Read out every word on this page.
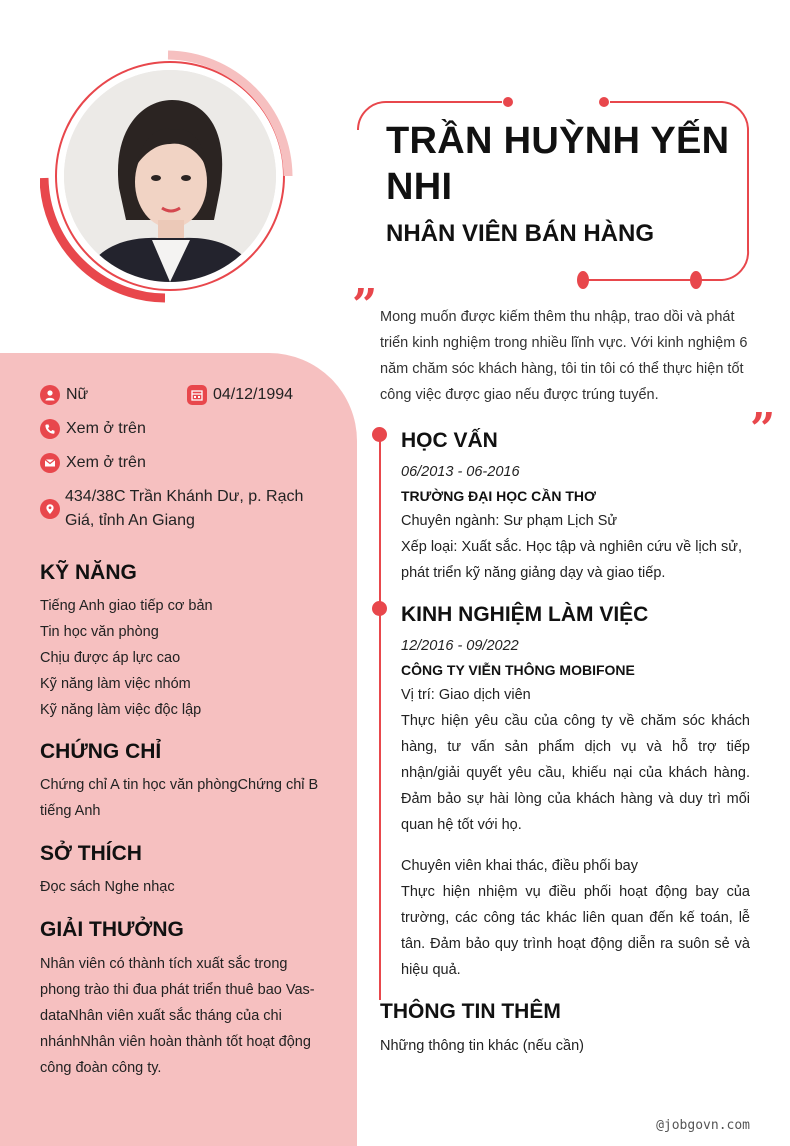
TRẦN HUỲNH YẾN NHI
NHÂN VIÊN BÁN HÀNG
” Mong muốn được kiếm thêm thu nhập, trao dồi và phát triển kinh nghiệm trong nhiều lĩnh vực. Với kinh nghiệm 6 năm chăm sóc khách hàng, tôi tin tôi có thể thực hiện tốt công việc được giao nếu được trúng tuyển.
”
Nữ	04/12/1994
Xem ở trên
Xem ở trên
434/38C Trần Khánh Dư, p. Rạch Giá, tỉnh An Giang
KỸ NĂNG
Tiếng Anh giao tiếp cơ bản
Tin học văn phòng
Chịu được áp lực cao
Kỹ năng làm việc nhóm
Kỹ năng làm việc độc lập
CHỨNG CHỈ
Chứng chỉ A tin học văn phòngChứng chỉ B tiếng Anh
SỞ THÍCH
Đọc sách Nghe nhạc
GIẢI THƯỞNG
Nhân viên có thành tích xuất sắc trong phong trào thi đua phát triển thuê bao Vas-dataNhân viên xuất sắc tháng của chi nhánhNhân viên hoàn thành tốt hoạt động công đoàn công ty.
HỌC VẤN
06/2013 - 06-2016
TRƯỜNG ĐẠI HỌC CẦN THƠ
Chuyên ngành: Sư phạm Lịch Sử
Xếp loại: Xuất sắc. Học tập và nghiên cứu về lịch sử, phát triển kỹ năng giảng dạy và giao tiếp.
KINH NGHIỆM LÀM VIỆC
12/2016 - 09/2022
CÔNG TY VIỄN THÔNG MOBIFONE
Vị trí: Giao dịch viên
Thực hiện yêu cầu của công ty về chăm sóc khách hàng, tư vấn sản phẩm dịch vụ và hỗ trợ tiếp nhận/giải quyết yêu cầu, khiếu nại của khách hàng. Đảm bảo sự hài lòng của khách hàng và duy trì mối quan hệ tốt với họ.
Chuyên viên khai thác, điều phối bay
Thực hiện nhiệm vụ điều phối hoạt động bay của trường, các công tác khác liên quan đến kế toán, lễ tân. Đảm bảo quy trình hoạt động diễn ra suôn sẻ và hiệu quả.
THÔNG TIN THÊM
Những thông tin khác (nếu cần)
@jobgovn.com
